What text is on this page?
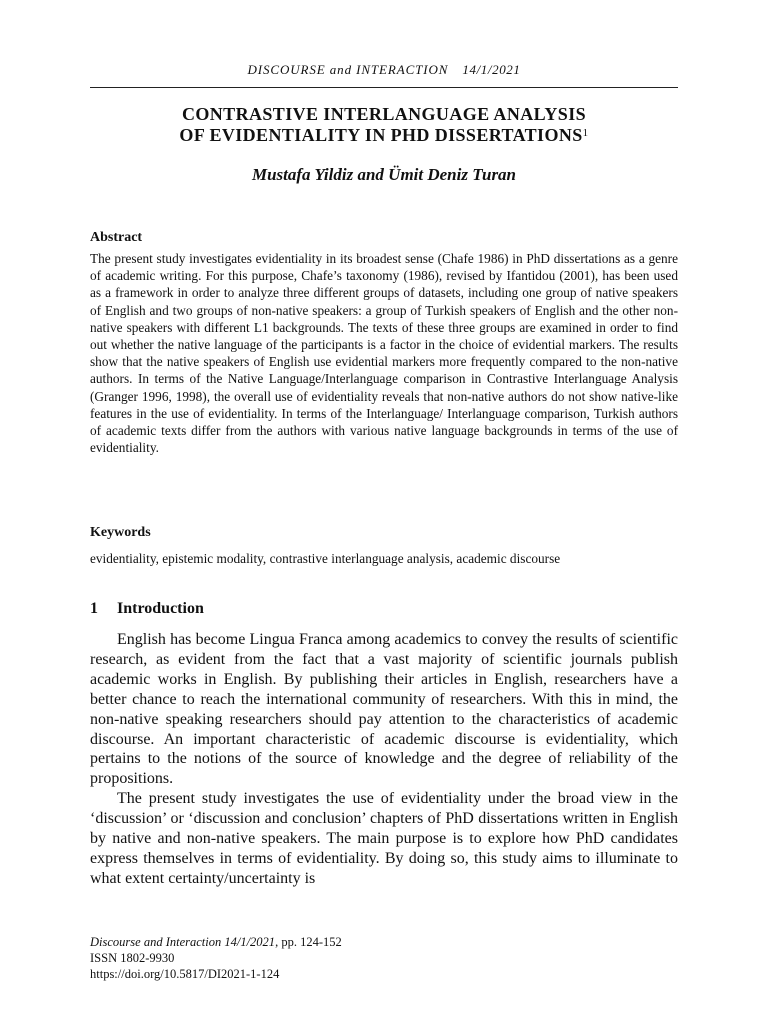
DISCOURSE and INTERACTION 14/1/2021
CONTRASTIVE INTERLANGUAGE ANALYSIS
OF EVIDENTIALITY IN PHD DISSERTATIONS$^1$
Mustafa Yildiz and Ümit Deniz Turan
Abstract

The present study investigates evidentiality in its broadest sense (Chafe 1986) in PhD dissertations as a genre of academic writing. For this purpose, Chafe’s taxonomy (1986), revised by Ifantidou (2001), has been used as a framework in order to analyze three different groups of datasets, including one group of native speakers of English and two groups of non-native speakers: a group of Turkish speakers of English and the other non-native speakers with different L1 backgrounds. The texts of these three groups are examined in order to find out whether the native language of the participants is a factor in the choice of evidential markers. The results show that the native speakers of English use evidential markers more frequently compared to the non-native authors. In terms of the Native Language/Interlanguage comparison in Contrastive Interlanguage Analysis (Granger 1996, 1998), the overall use of evidentiality reveals that non-native authors do not show native-like features in the use of evidentiality. In terms of the Interlanguage/ Interlanguage comparison, Turkish authors of academic texts differ from the authors with various native language backgrounds in terms of the use of evidentiality.

Keywords
evidentiality, epistemic modality, contrastive interlanguage analysis, academic discourse
1 Introduction

English has become Lingua Franca among academics to convey the results of scientific research, as evident from the fact that a vast majority of scientific journals publish academic works in English. By publishing their articles in English, researchers have a better chance to reach the international community of researchers. With this in mind, the non-native speaking researchers should pay attention to the characteristics of academic discourse. An important characteristic of academic discourse is evidentiality, which pertains to the notions of the source of knowledge and the degree of reliability of the propositions.

The present study investigates the use of evidentiality under the broad view in the ‘discussion’ or ‘discussion and conclusion’ chapters of PhD dissertations written in English by native and non-native speakers. The main purpose is to explore how PhD candidates express themselves in terms of evidentiality. By doing so, this study aims to illuminate to what extent certainty/uncertainty is

Discourse and Interaction 14/1/2021, pp. 124-152
ISSN 1802-9930
https://doi.org/10.5817/DI2021-1-124
